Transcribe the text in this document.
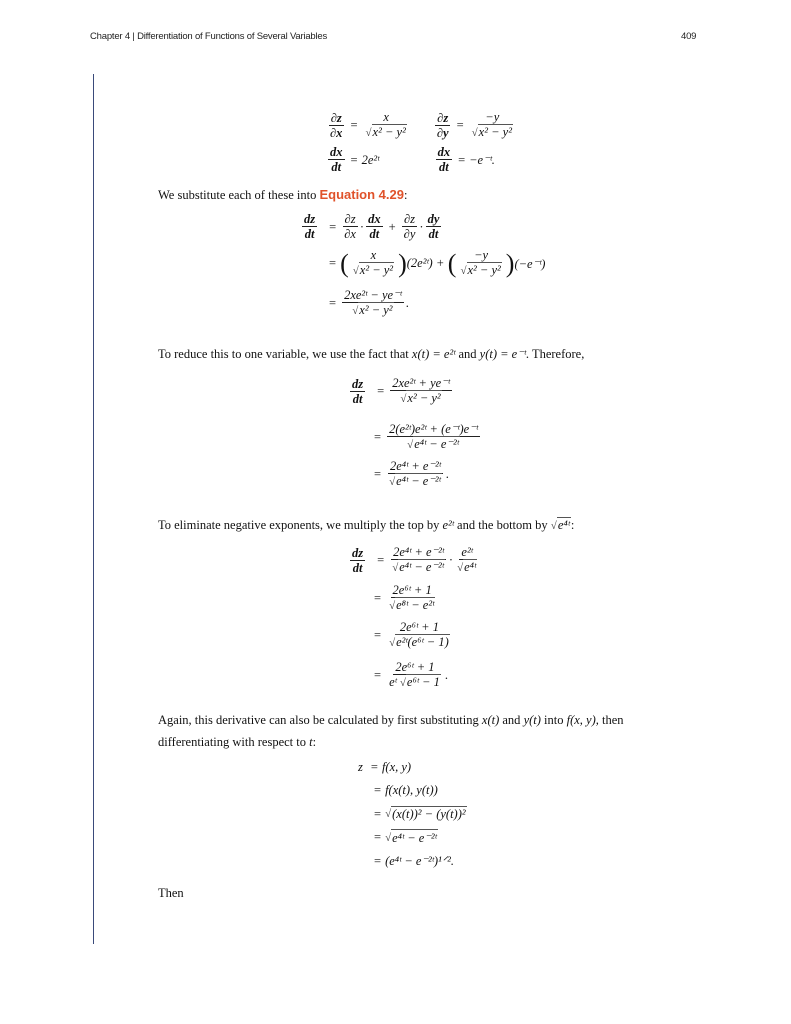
Chapter 4 | Differentiation of Functions of Several Variables	409
$\frac{\partial z}{\partial x} = \frac{x}{\text{√x² − y²}} \frac{\partial z}{\partial y} = \frac{-y}{\text{√x² − y²}}$
$\frac{dx}{dt}$ = 2e²ᵗ	$\frac{dx}{dt}$ = −e⁻ᵗ.
We substitute each of these into Equation 4.29:
$\frac{dz}{dt} = \frac{\partial z}{\partial x} \cdot \frac{dx}{dt} + \frac{\partial z}{\partial y} \cdot \frac{dy}{dt}$
= ( $\frac{x}{\text{√x² − y²}}$ ) (2e²ᵗ) + ( $\frac{-y}{\text{√x² − y²}}$ ) (−e⁻ᵗ)
= $\frac{\text{2xe²ᵗ − ye⁻ᵗ}}{\text{√x² − y²}}$ .
To reduce this to one variable, we use the fact that x(t) = e²ᵗ and y(t) = e⁻ᵗ. Therefore,
$\frac{dz}{dt} = \frac{\text{2xe²ᵗ + ye⁻ᵗ}}{\text{√x² − y²}}$
= $\frac{\text{2(e²ᵗ)e²ᵗ + (e⁻ᵗ)e⁻ᵗ}}{\text{√e⁴ᵗ − e⁻²ᵗ}}$
= $\frac{\text{2e⁴ᵗ + e⁻²ᵗ}}{\text{√e⁴ᵗ − e⁻²ᵗ}}$ .
To eliminate negative exponents, we multiply the top by e²ᵗ and the bottom by √e⁴ᵗ:
$\frac{dz}{dt} = \frac{\text{2e⁴ᵗ + e⁻²ᵗ}}{\text{√e⁴ᵗ − e⁻²ᵗ}} \cdot \frac{\text{e²ᵗ}}{\text{√e⁴ᵗ}}$
= $\frac{\text{2e⁶ᵗ + 1}}{\text{√e⁸ᵗ − e²ᵗ}}$
= $\frac{\text{2e⁶ᵗ + 1}}{\text{√e²ᵗ(e⁶ᵗ − 1)}}$
= $\frac{\text{2e⁶ᵗ + 1}}{\text{eᵗ √e⁶ᵗ − 1}}$ .
Again, this derivative can also be calculated by first substituting x(t) and y(t) into f(x, y), then
differentiating with respect to t:
z = f(x, y)
= f(x(t), y(t))
= √ (x(t))² − (y(t))²
= √ e⁴ᵗ − e⁻²ᵗ
= (e⁴ᵗ − e⁻²ᵗ)¹ᐟ².
Then
